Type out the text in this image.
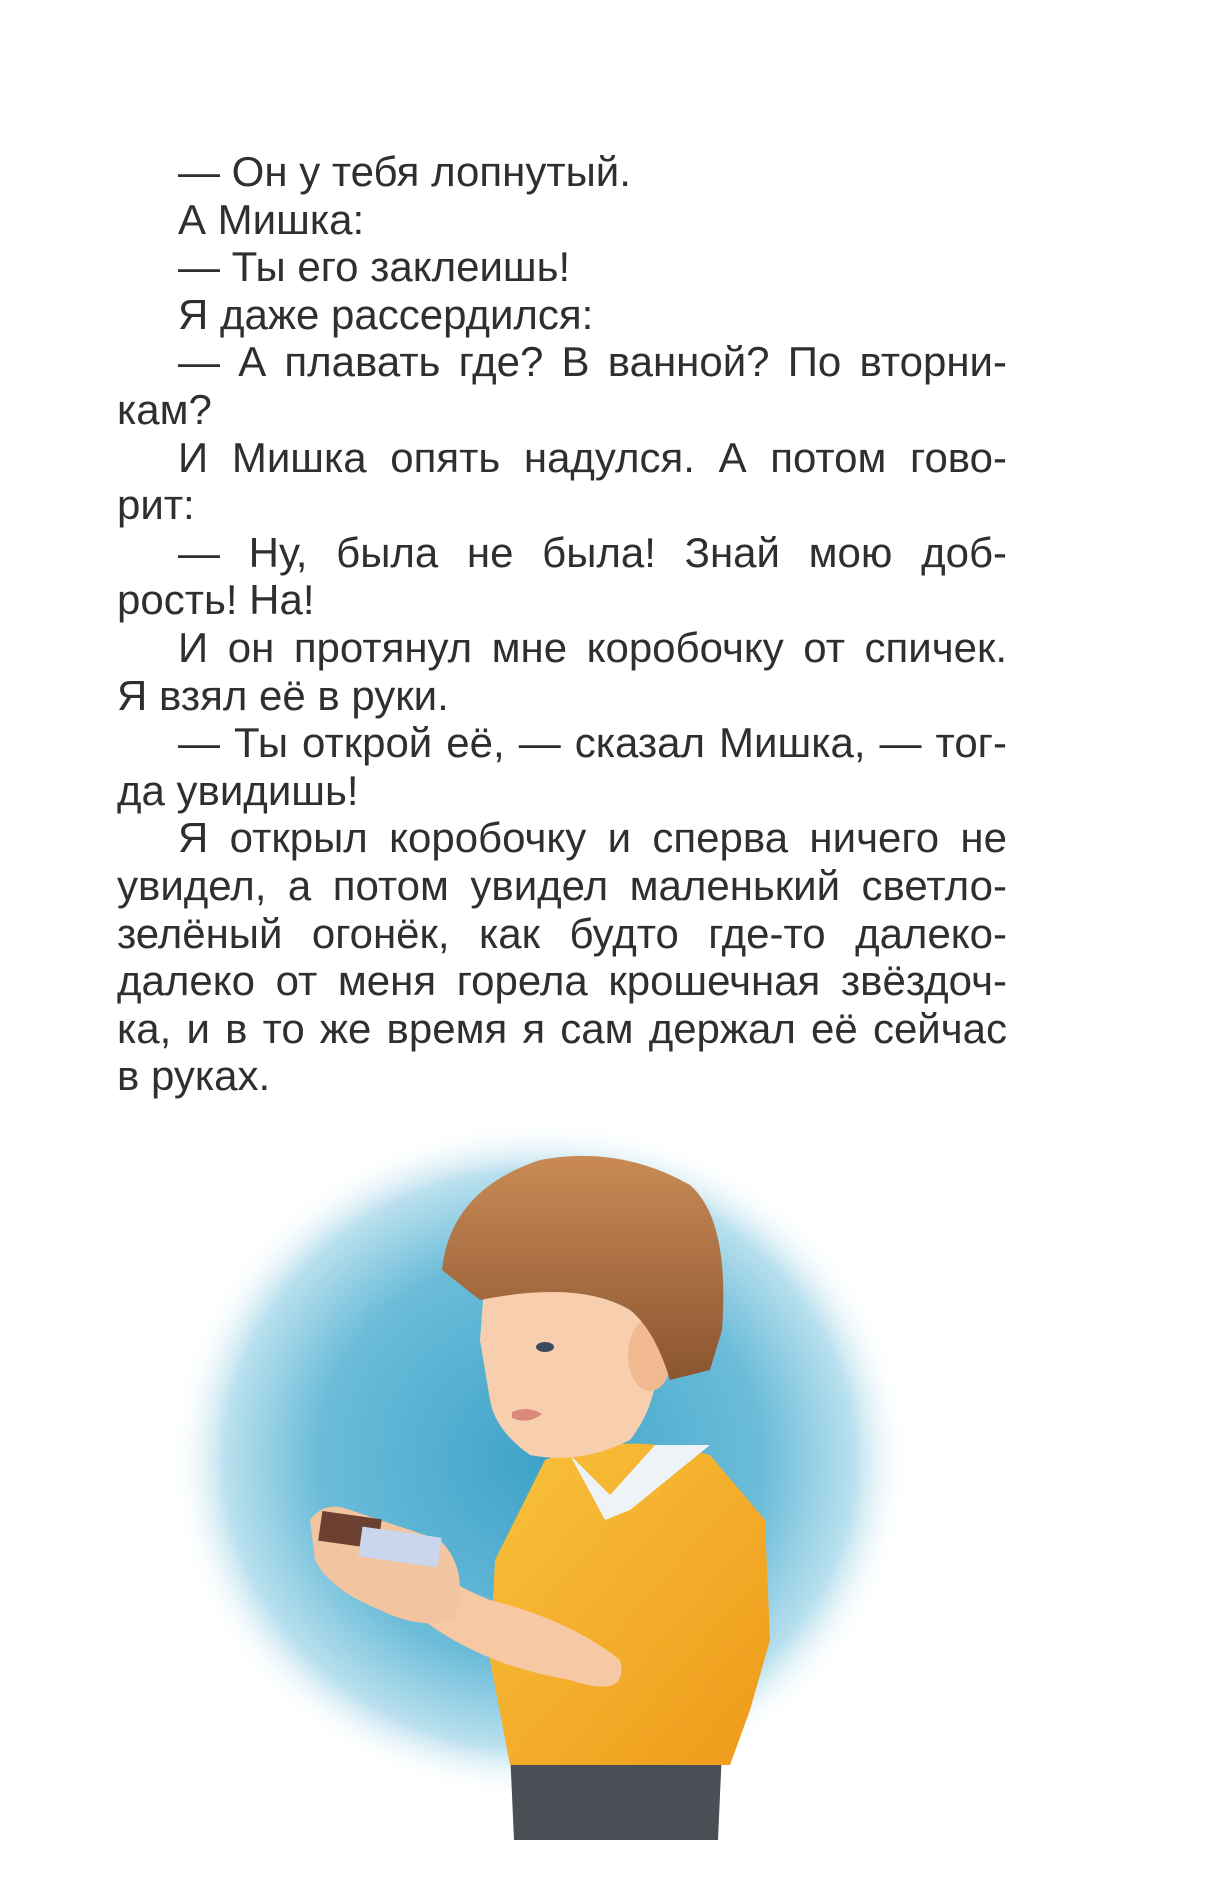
— Он у тебя лопнутый.
А Мишка:
— Ты его заклеишь!
Я даже рассердился:
— А плавать где? В ванной? По вторни-
кам?
И Мишка опять надулся. А потом гово-
рит:
— Ну, была не была! Знай мою доб-
рость! На!
И он протянул мне коробочку от спичек.
Я взял её в руки.
— Ты открой её, — сказал Мишка, — тог-
да увидишь!
Я открыл коробочку и сперва ничего не
увидел, а потом увидел маленький светло-
зелёный огонёк, как будто где-то далеко-
далеко от меня горела крошечная звёздоч-
ка, и в то же время я сам держал её сейчас
в руках.
